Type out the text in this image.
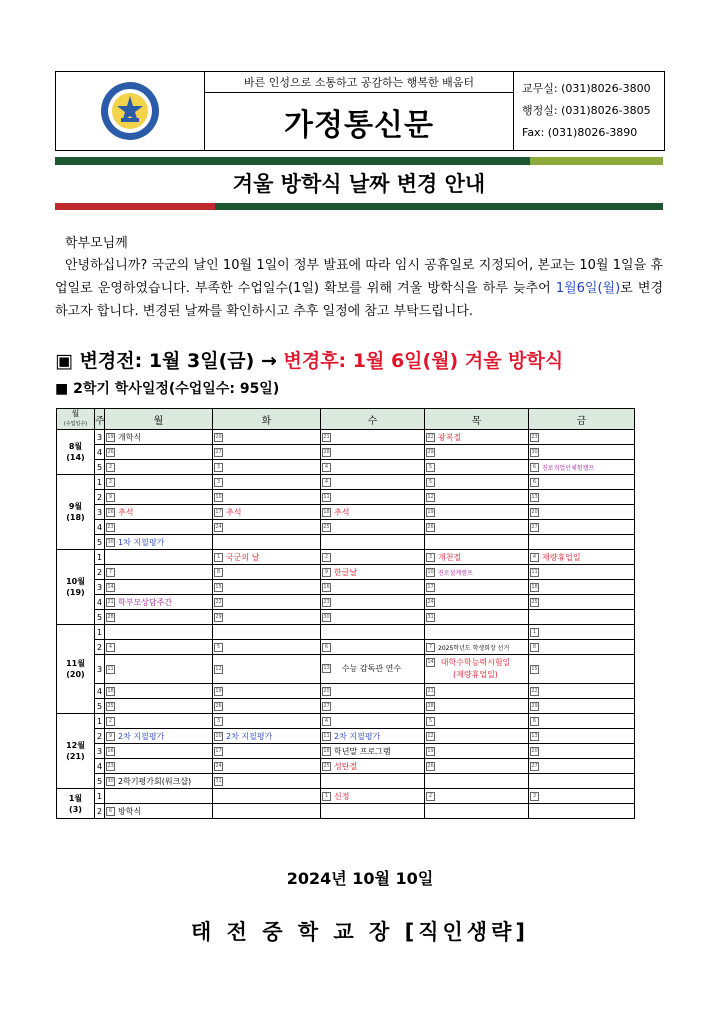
바른 인성으로 소통하고 공감하는 행복한 배움터
가정통신문
교무실: (031)8026-3800
행정실: (031)8026-3805
Fax: (031)8026-3890
겨울 방학식 날짜 변경 안내
학부모님께
안녕하십니까? 국군의 날인 10월 1일이 정부 발표에 따라 임시 공휴일로 지정되어, 본교는 10월 1일을 휴업일로 운영하였습니다. 부족한 수업일수(1일) 확보를 위해 겨울 방학식을 하루 늦추어 1월6일(월)로 변경하고자 합니다. 변경된 날짜를 확인하시고 추후 일정에 참고 부탁드립니다.
▣ 변경전: 1월 3일(금) → 변경후: 1월 6일(월) 겨울 방학식
■ 2학기 학사일정(수업일수: 95일)
월
(수업일수)	주	월	화	수	목	금

8월
(14)	3	19 개학식	20	21	22 광복절	23
	4	26	27	28	29	30
	5	2	3	4	5	6 진로직업인체험캠프

9월
(18)	1	2	3	4	5	6
	2	9	10	11	12	13
	3	16 추석	17 추석	18 추석	19	20
	4	23	24	25	26	27
	5	30 1차 지필평가				

10월
(19)	1		1 국군의 날	2	3 개천절	4 재량휴업일
	2	7	8	9 한글날	10 진로설계캠프	11
	3	14	15	16	17	18
	4	21 학부모상담주간	22	23	24	25
	5	28	29	30	31	

11월
(20)	1					1
	2	4	5	6	7 2025학년도 학생회장 선거	8
	3	11	12	13 수능 감독관 연수	14 대학수학능력시험일 (재량휴업일)	15
	4	18	19	20	21	22
	5	25	26	27	28	29

12월
(21)	1	2	3	4	5	6
	2	9 2차 지필평가	10 2차 지필평가	11 2차 지필평가	12	13
	3	16	17	18 학년말 프로그램	19	20
	4	23	24	25 성탄절	26	27
	5	30 2학기평가회(워크샵)	31			

1월
(3)	1			1 신정	2	3
	2	6 방학식				
2024년 10월 10일
태 전 중 학 교 장 [직인생략]
